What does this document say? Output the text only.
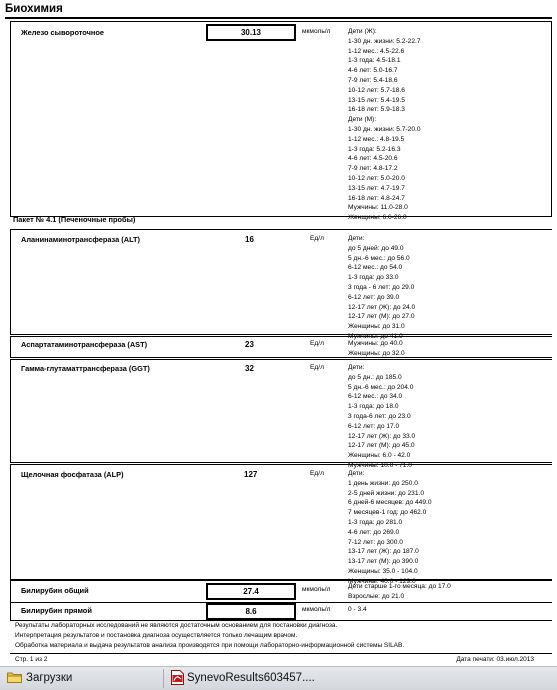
Биохимия
Железо сывороточное	30.13	мкмоль/л	Дети (Ж):
1-30 дн. жизни: 5.2-22.7
1-12 мес.: 4.5-22.6
1-3 года: 4.5-18.1
4-6 лет: 5.0-16.7
7-9 лет: 5.4-18.6
10-12 лет: 5.7-18.6
13-15 лет: 5.4-19.5
16-18 лет: 5.9-18.3
Дети (М):
1-30 дн. жизни: 5.7-20.0
1-12 мес.: 4.8-19.5
1-3 года: 5.2-16.3
4-6 лет: 4.5-20.6
7-9 лет: 4.8-17.2
10-12 лет: 5.0-20.0
13-15 лет: 4.7-19.7
16-18 лет: 4.8-24.7
Мужчины: 11.0-28.0
Женщины: 6.6-26.0
Пакет № 4.1 (Печеночные пробы)
Аланинаминотрансфераза (ALT)	16	Ед/л	Дети:
до 5 дней: до 49.0
5 дн.-6 мес.: до 56.0
6-12 мес.: до 54.0
1-3 года: до 33.0
3 года - 6 лет: до 29.0
6-12 лет: до 39.0
12-17 лет (Ж): до 24.0
12-17 лет (М): до 27.0
Женщины: до 31.0
Мужчины: до 41.0
Аспартатаминотрансфераза (AST)	23	Ед/л	Мужчины: до 40.0
Женщины: до 32.0
Гамма-глутаматтрансфераза (GGT)	32	Ед/л	Дети:
до 5 дн.: до 185.0
5 дн.-6 мес.: до 204.0
6-12 мес.: до 34.0
1-3 года: до 18.0
3 года-6 лет: до 23.0
6-12 лет: до 17.0
12-17 лет (Ж): до 33.0
12-17 лет (М): до 45.0
Женщины: 6.0 - 42.0
Мужчины: 10.0 - 71.0
Щелочная фосфатаза (ALP)	127	Ед/л	Дети:
1 день жизни: до 250.0
2-5 дней жизни: до 231.0
6 дней-6 месяцев: до 449.0
7 месяцев-1 год: до 462.0
1-3 года: до 281.0
4-6 лет: до 269.0
7-12 лет: до 300.0
13-17 лет (Ж): до 187.0
13-17 лет (М): до 390.0
Женщины: 35.0 - 104.0
Мужчины: 40.0 - 129.0
Билирубин общий	27.4	мкмоль/л	Дети старше 1-го месяца: до 17.0
Взрослые: до 21.0
Билирубин прямой	8.6	мкмоль/л	0 - 3.4
Результаты лабораторных исследований не являются достаточным основанием для постановки диагноза.
Интерпретация результатов и постановка диагноза осуществляется только лечащим врачом.
Обработка материала и выдача результатов анализа производятся при помощи лабораторно-информационной системы SILAB.
Стр. 1 из 2	Дата печати: 03.июл.2013
Загрузки	SynevoResults603457....
